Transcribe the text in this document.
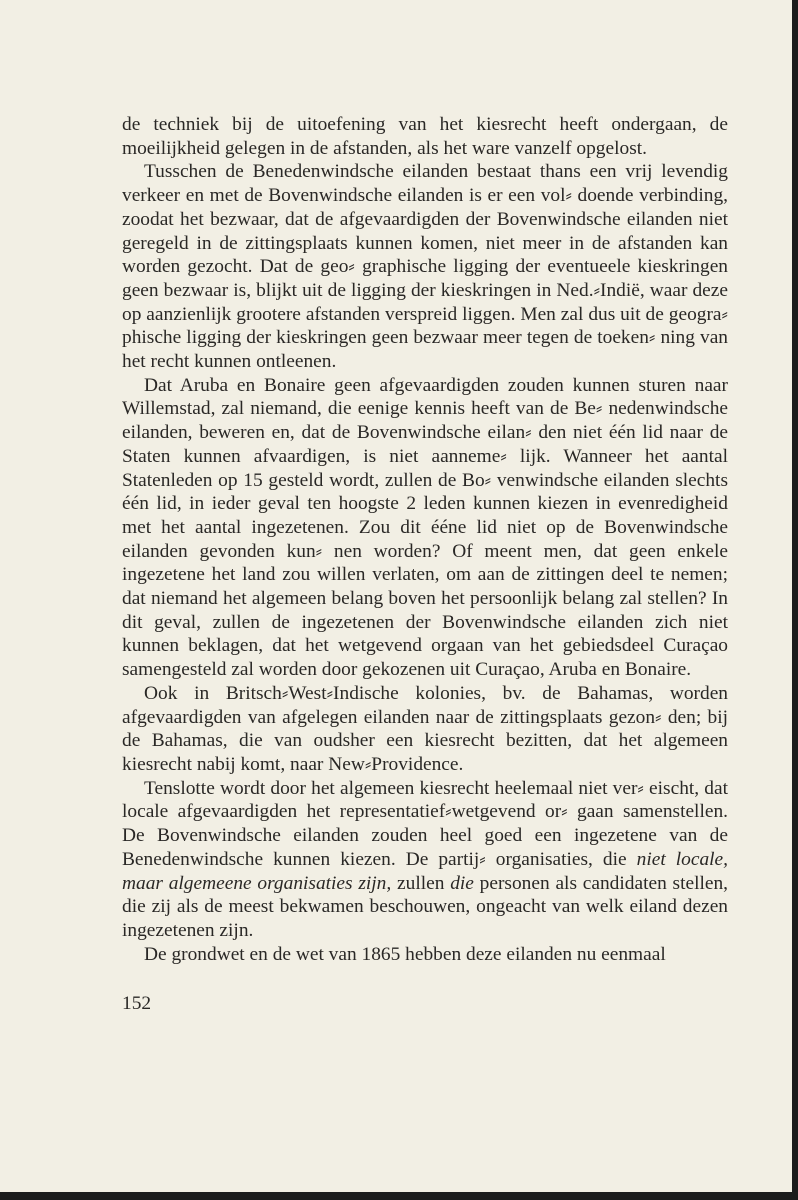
de techniek bij de uitoefening van het kiesrecht heeft ondergaan, de moeilijkheid gelegen in de afstanden, als het ware vanzelf opgelost.

Tusschen de Benedenwindsche eilanden bestaat thans een vrij levendig verkeer en met de Bovenwindsche eilanden is er een vol⸗ doende verbinding, zoodat het bezwaar, dat de afgevaardigden der Bovenwindsche eilanden niet geregeld in de zittingsplaats kunnen komen, niet meer in de afstanden kan worden gezocht. Dat de geo⸗ graphische ligging der eventueele kieskringen geen bezwaar is, blijkt uit de ligging der kieskringen in Ned.⸗Indië, waar deze op aanzienlijk grootere afstanden verspreid liggen. Men zal dus uit de geogra⸗ phische ligging der kieskringen geen bezwaar meer tegen de toeken⸗ ning van het recht kunnen ontleenen.

Dat Aruba en Bonaire geen afgevaardigden zouden kunnen sturen naar Willemstad, zal niemand, die eenige kennis heeft van de Be⸗ nedenwindsche eilanden, beweren en, dat de Bovenwindsche eilan⸗ den niet één lid naar de Staten kunnen afvaardigen, is niet aanneme⸗ lijk. Wanneer het aantal Statenleden op 15 gesteld wordt, zullen de Bo⸗ venwindsche eilanden slechts één lid, in ieder geval ten hoogste 2 leden kunnen kiezen in evenredigheid met het aantal ingezetenen. Zou dit ééne lid niet op de Bovenwindsche eilanden gevonden kun⸗ nen worden? Of meent men, dat geen enkele ingezetene het land zou willen verlaten, om aan de zittingen deel te nemen; dat niemand het algemeen belang boven het persoonlijk belang zal stellen? In dit geval, zullen de ingezetenen der Bovenwindsche eilanden zich niet kunnen beklagen, dat het wetgevend orgaan van het gebiedsdeel Curaçao samengesteld zal worden door gekozenen uit Curaçao, Aruba en Bonaire.

Ook in Britsch⸗West⸗Indische kolonies, bv. de Bahamas, worden afgevaardigden van afgelegen eilanden naar de zittingsplaats gezon⸗ den; bij de Bahamas, die van oudsher een kiesrecht bezitten, dat het algemeen kiesrecht nabij komt, naar New⸗Providence.

Tenslotte wordt door het algemeen kiesrecht heelemaal niet ver⸗ eischt, dat locale afgevaardigden het representatief⸗wetgevend or⸗ gaan samenstellen. De Bovenwindsche eilanden zouden heel goed een ingezetene van de Benedenwindsche kunnen kiezen. De partij⸗ organisaties, die niet locale, maar algemeene organisaties zijn, zullen die personen als candidaten stellen, die zij als de meest bekwamen beschouwen, ongeacht van welk eiland dezen ingezetenen zijn.

De grondwet en de wet van 1865 hebben deze eilanden nu eenmaal

152
